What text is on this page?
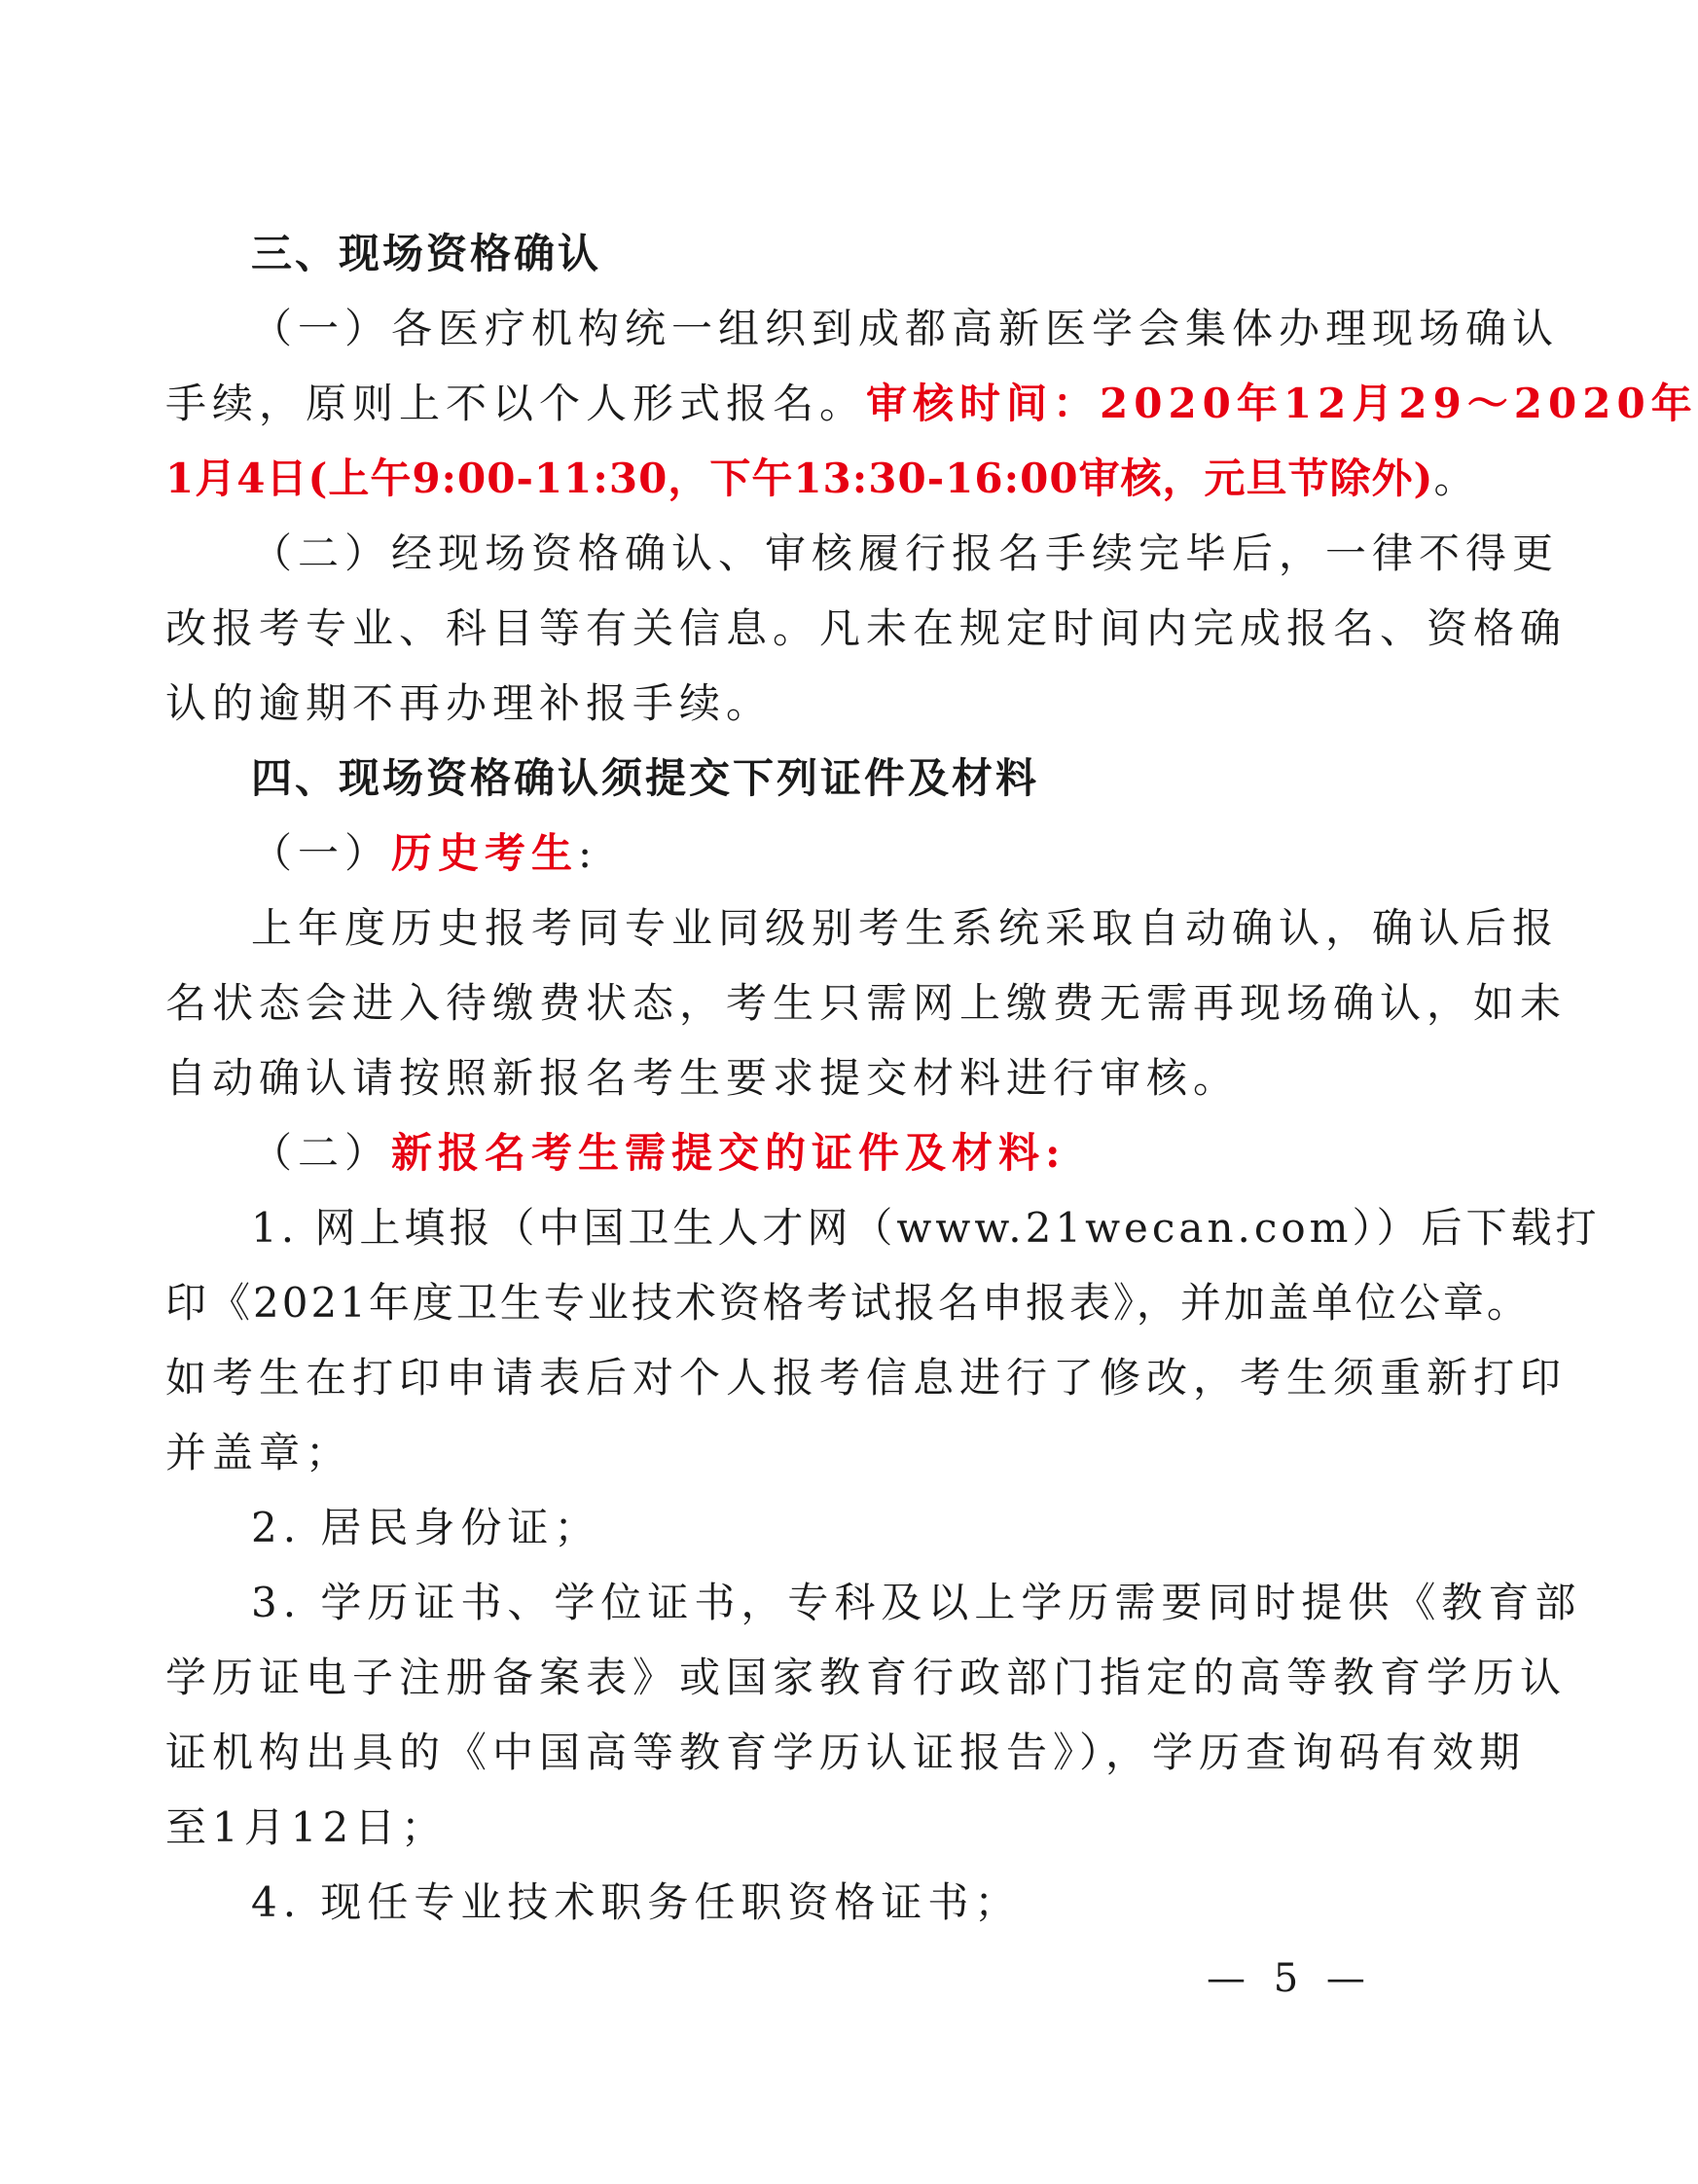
三、现场资格确认
（一）各医疗机构统一组织到成都高新医学会集体办理现场确认
手续，原则上不以个人形式报名。审核时间：2020年12月29～2020年
1月4日(上午9:00-11:30，下午13:30-16:00审核，元旦节除外)。
（二）经现场资格确认、审核履行报名手续完毕后，一律不得更
改报考专业、科目等有关信息。凡未在规定时间内完成报名、资格确
认的逾期不再办理补报手续。
四、现场资格确认须提交下列证件及材料
（一）历史考生:
上年度历史报考同专业同级别考生系统采取自动确认，确认后报
名状态会进入待缴费状态，考生只需网上缴费无需再现场确认，如未
自动确认请按照新报名考生要求提交材料进行审核。
（二）新报名考生需提交的证件及材料:
1. 网上填报（中国卫生人才网（www.21wecan.com））后下载打
印《2021年度卫生专业技术资格考试报名申报表》，并加盖单位公章。
如考生在打印申请表后对个人报考信息进行了修改，考生须重新打印
并盖章；
2. 居民身份证；
3. 学历证书、学位证书，专科及以上学历需要同时提供《教育部
学历证电子注册备案表》或国家教育行政部门指定的高等教育学历认
证机构出具的《中国高等教育学历认证报告》），学历查询码有效期
至1月12日；
4. 现任专业技术职务任职资格证书；
— 5 —
